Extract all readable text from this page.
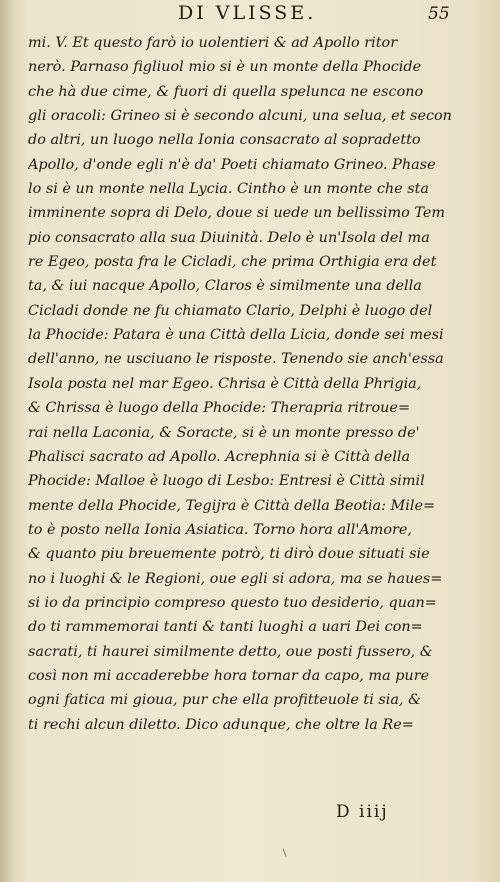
DI VLISSE.	55
mi. V. Et questo farò io uolentieri & ad Apollo ritor
nerò. Parnaso figliuol mio si è un monte della Phocide
che hà due cime, & fuori di quella spelunca ne escono
gli oracoli: Grineo si è secondo alcuni, una selua, et secon
do altri, un luogo nella Ionia consacrato al sopradetto
Apollo, d'onde egli n'è da' Poeti chiamato Grineo. Phase
lo si è un monte nella Lycia. Cintho è un monte che sta
imminente sopra di Delo, doue si uede un bellissimo Tem
pio consacrato alla sua Diuinità. Delo è un'Isola del ma
re Egeo, posta fra le Cicladi, che prima Orthigia era det
ta, & iui nacque Apollo, Claros è similmente una della
Cicladi donde ne fu chiamato Clario, Delphi è luogo del
la Phocide: Patara è una Città della Licia, donde sei mesi
dell'anno, ne usciuano le risposte. Tenendo sie anch'essa
Isola posta nel mar Egeo. Chrisa è Città della Phrigia,
& Chrissa è luogo della Phocide: Therapria ritroue=
rai nella Laconia, & Soracte, si è un monte presso de'
Phalisci sacrato ad Apollo. Acrephnia si è Città della
Phocide: Malloe è luogo di Lesbo: Entresi è Città simil
mente della Phocide, Tegijra è Città della Beotia: Mile=
to è posto nella Ionia Asiatica. Torno hora all'Amore,
& quanto piu breuemente potrò, ti dirò doue situati sie
no i luoghi & le Regioni, oue egli si adora, ma se haues=
si io da principio compreso questo tuo desiderio, quan=
do ti rammemorai tanti & tanti luoghi a uari Dei con=
sacrati, ti haurei similmente detto, oue posti fussero, &
così non mi accaderebbe hora tornar da capo, ma pure
ogni fatica mi gioua, pur che ella profitteuole ti sia, &
ti rechi alcun diletto. Dico adunque, che oltre la Re=
D iiij
